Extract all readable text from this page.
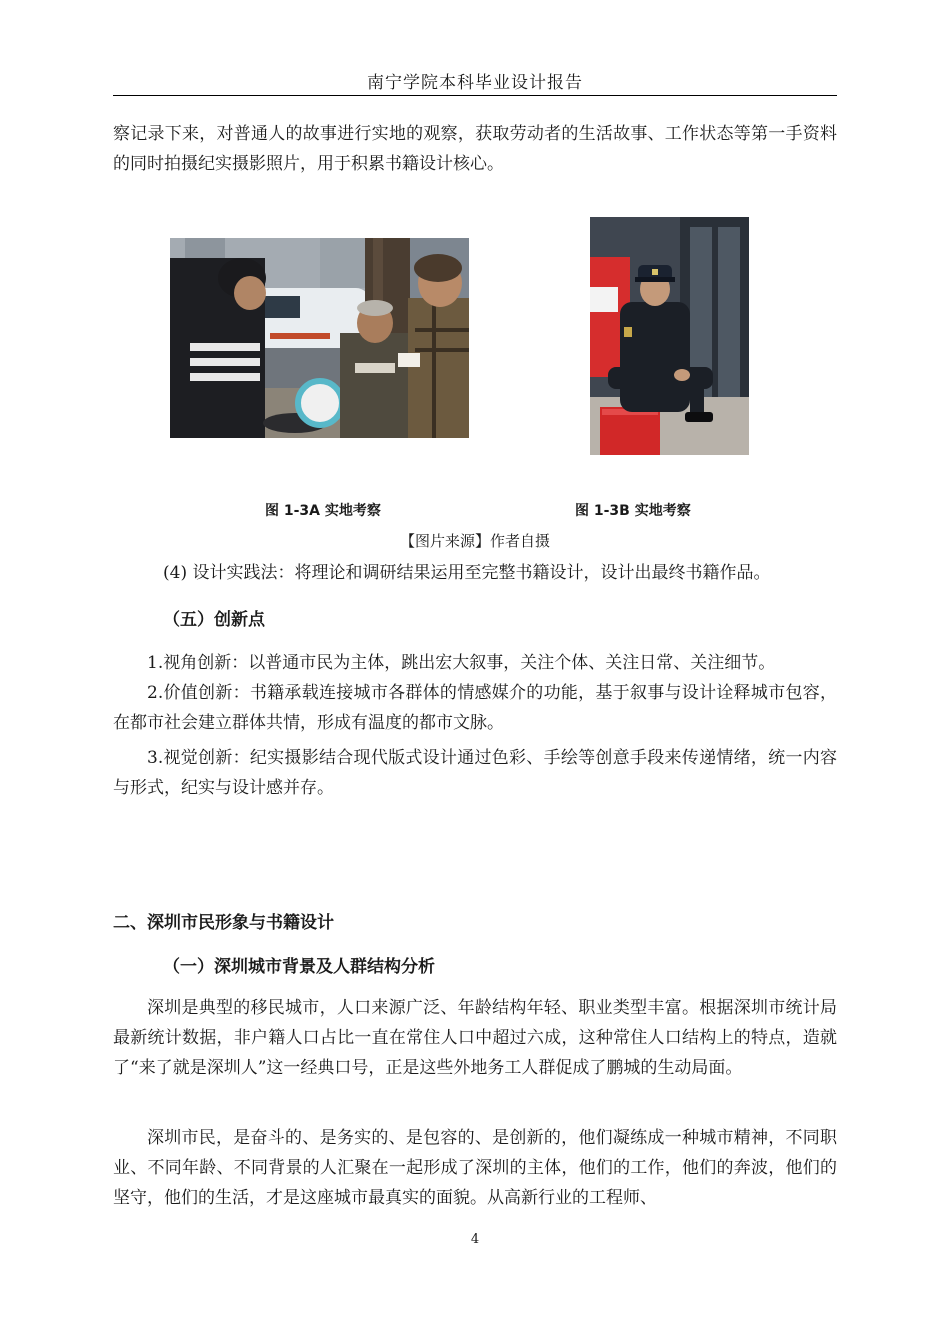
南宁学院本科毕业设计报告
察记录下来，对普通人的故事进行实地的观察，获取劳动者的生活故事、工作状态等第一手资料的同时拍摄纪实摄影照片，用于积累书籍设计核心。
图 1-3A 实地考察	图 1-3B 实地考察
【图片来源】作者自摄
(4) 设计实践法：将理论和调研结果运用至完整书籍设计，设计出最终书籍作品。
（五）创新点
1.视角创新：以普通市民为主体，跳出宏大叙事，关注个体、关注日常、关注细节。
2.价值创新：书籍承载连接城市各群体的情感媒介的功能，基于叙事与设计诠释城市包容，在都市社会建立群体共情，形成有温度的都市文脉。
3.视觉创新：纪实摄影结合现代版式设计通过色彩、手绘等创意手段来传递情绪，统一内容与形式，纪实与设计感并存。
二、深圳市民形象与书籍设计
（一）深圳城市背景及人群结构分析
深圳是典型的移民城市，人口来源广泛、年龄结构年轻、职业类型丰富。根据深圳市统计局最新统计数据，非户籍人口占比一直在常住人口中超过六成，这种常住人口结构上的特点，造就了“来了就是深圳人”这一经典口号，正是这些外地务工人群促成了鹏城的生动局面。
深圳市民，是奋斗的、是务实的、是包容的、是创新的，他们凝练成一种城市精神，不同职业、不同年龄、不同背景的人汇聚在一起形成了深圳的主体，他们的工作，他们的奔波，他们的坚守，他们的生活，才是这座城市最真实的面貌。从高新行业的工程师、
4
